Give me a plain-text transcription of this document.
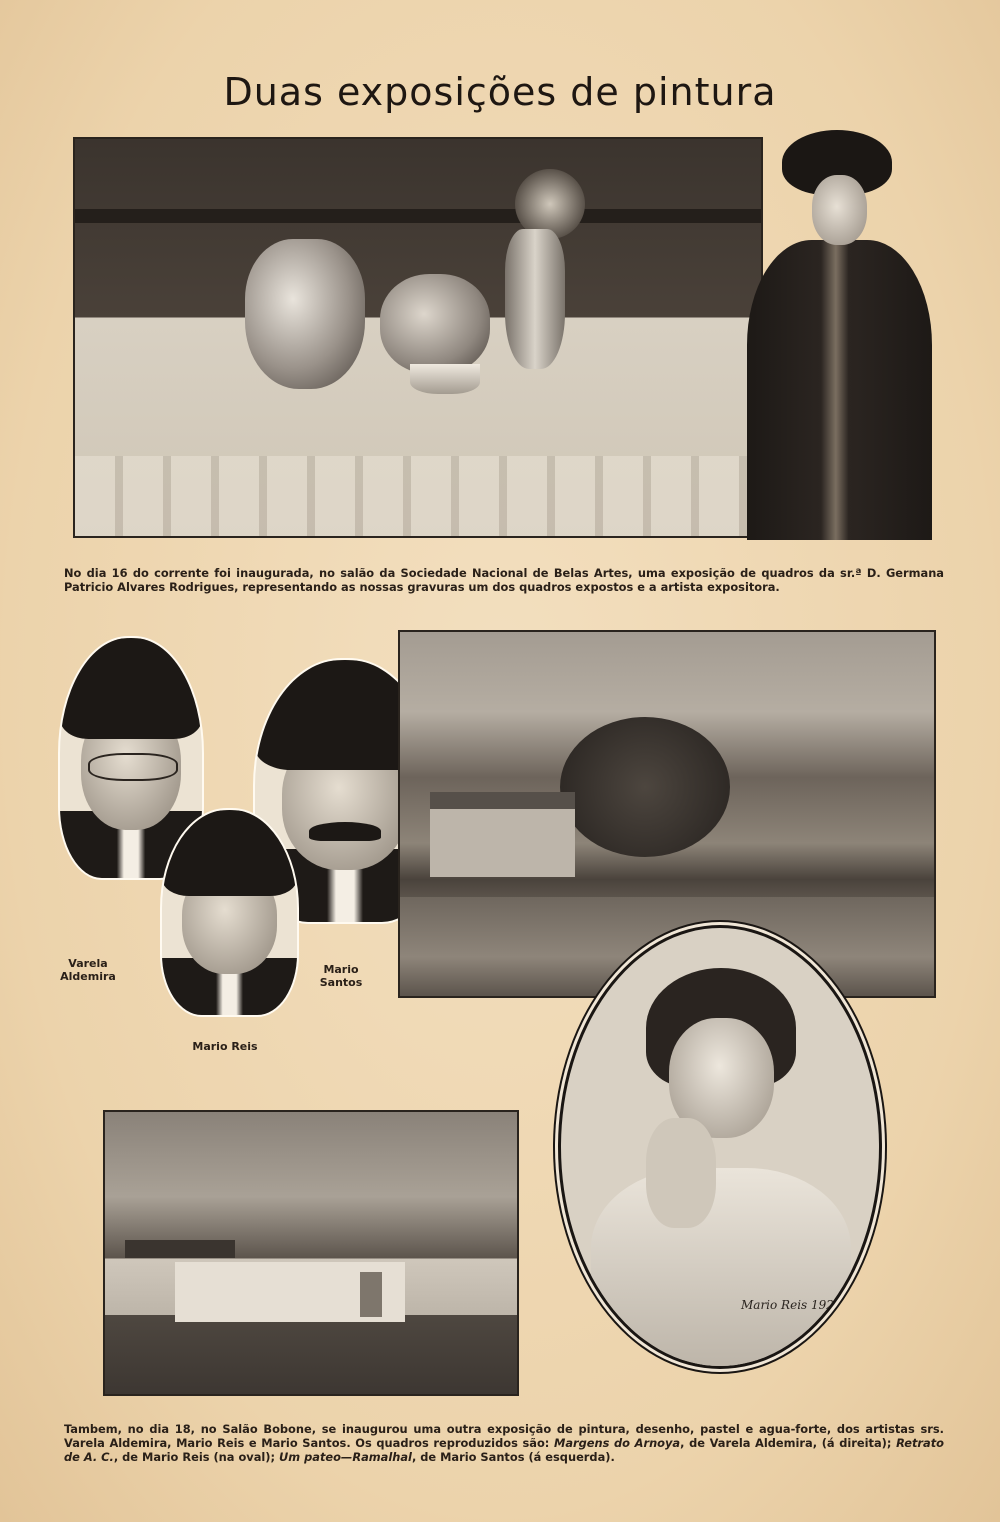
Duas exposições de pintura

No dia 16 do corrente foi inaugurada, no salão da Sociedade Nacional de Belas Artes, uma exposição de quadros da sr.ª D. Germana Patricio Alvares Rodrigues, representando as nossas gravuras um dos quadros expostos e a artista expositora.

Varela
Aldemira
Mario
Santos
Mario Reis
Mario Reis 1921

Tambem, no dia 18, no Salão Bobone, se inaugurou uma outra exposição de pintura, desenho, pastel e agua-forte, dos artistas srs. Varela Aldemira, Mario Reis e Mario Santos. Os quadros reproduzidos são: Margens do Arnoya, de Varela Aldemira, (á direita); Retrato de A. C., de Mario Reis (na oval); Um pateo—Ramalhal, de Mario Santos (á esquerda).
